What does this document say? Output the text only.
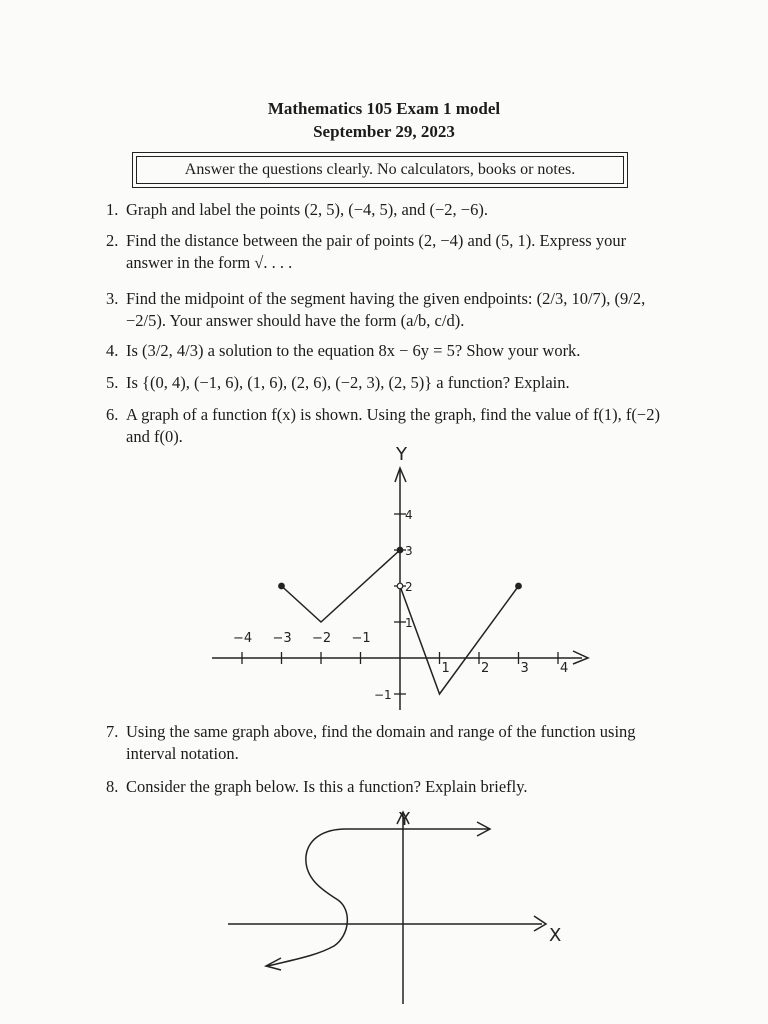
Mathematics 105 Exam 1 model
September 29, 2023
Answer the questions clearly. No calculators, books or notes.
1. Graph and label the points (2, 5), (−4, 5), and (−2, −6).
2. Find the distance between the pair of points (2, −4) and (5, 1). Express your answer in the form √. . . .
3. Find the midpoint of the segment having the given endpoints: (2/3, 10/7), (9/2, −2/5). Your answer should have the form (a/b, c/d).
4. Is (3/2, 4/3) a solution to the equation 8x − 6y = 5? Show your work.
5. Is {(0, 4), (−1, 6), (1, 6), (2, 6), (−2, 3), (2, 5)} a function? Explain.
6. A graph of a function f(x) is shown. Using the graph, find the value of f(1), f(−2) and f(0).
Y
−4 −3 −2 −1
1 2 3 4
4
3
2
1
−1
7. Using the same graph above, find the domain and range of the function using interval notation.
8. Consider the graph below. Is this a function? Explain briefly.
Y
X
